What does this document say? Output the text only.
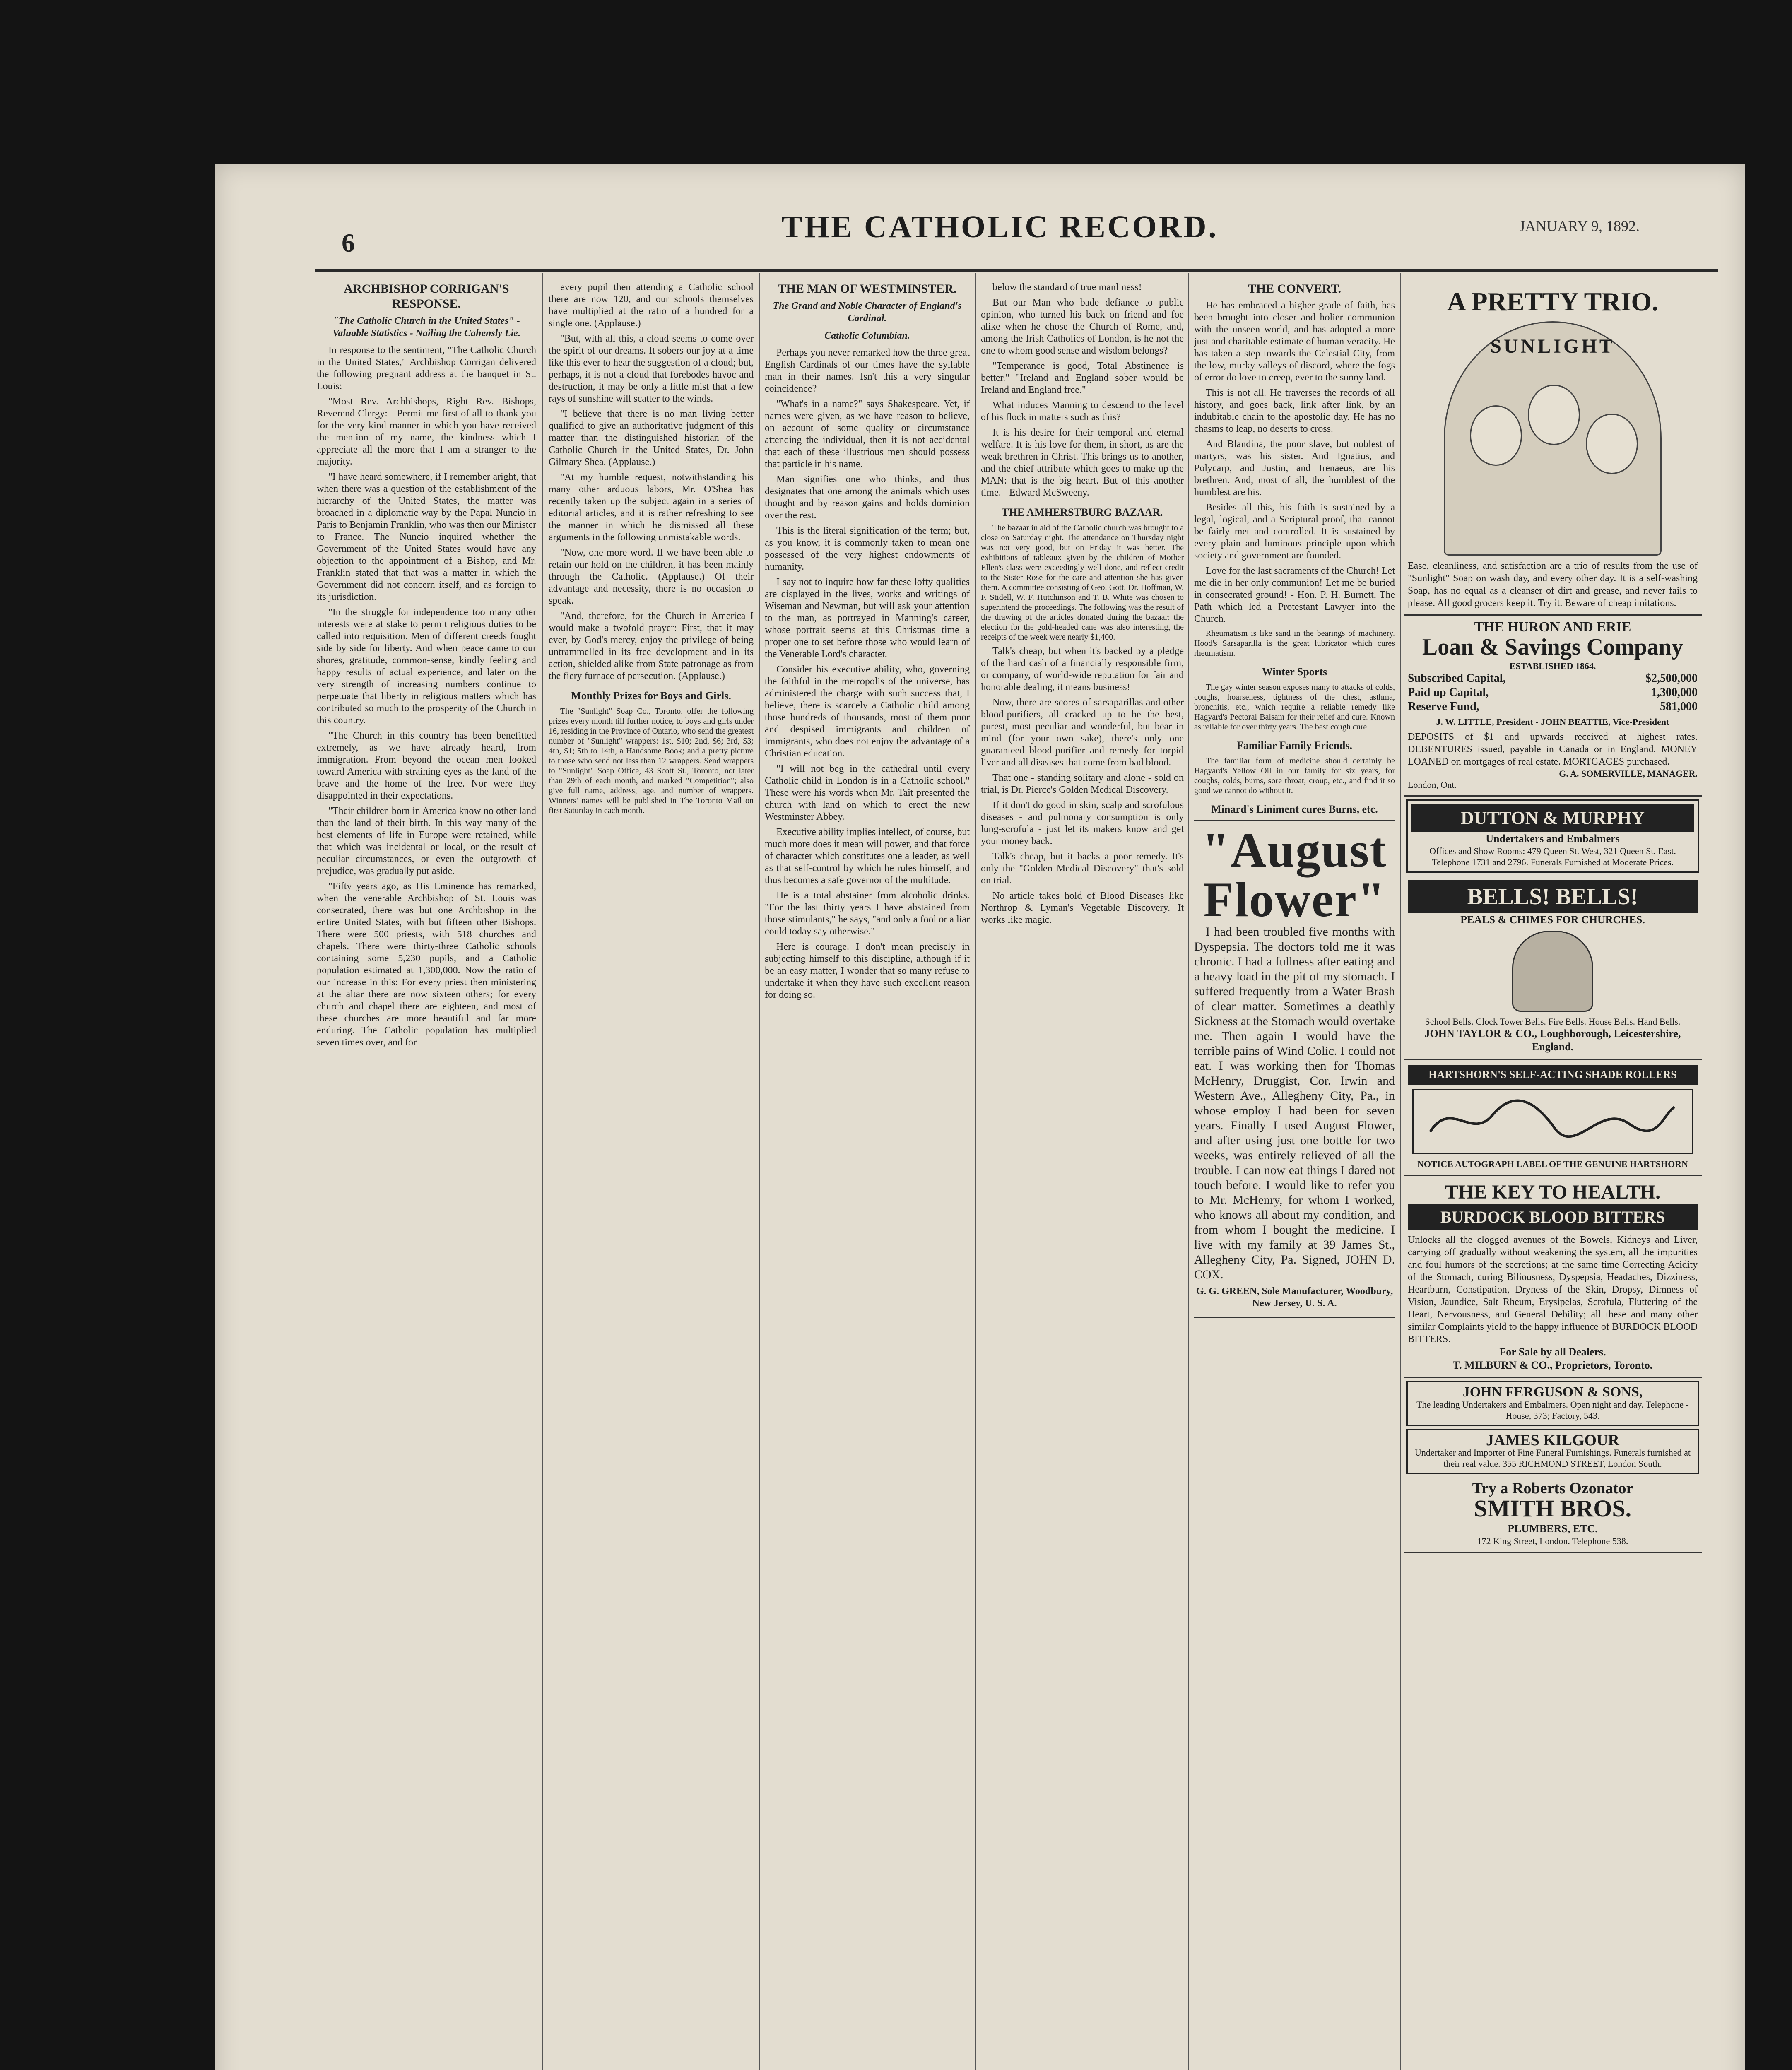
6	THE CATHOLIC RECORD.	JANUARY 9, 1892.
ARCHBISHOP CORRIGAN'S RESPONSE.
"The Catholic Church in the United States" - Valuable Statistics - Nailing the Cahensly Lie.

In response to the sentiment, "The Catholic Church in the United States," Archbishop Corrigan delivered the following pregnant address at the banquet in St. Louis:

"Most Rev. Archbishops, Right Rev. Bishops, Reverend Clergy: - Permit me first of all to thank you for the very kind manner in which you have received the mention of my name, the kindness which I appreciate all the more that I am a stranger to the majority.

"I have heard somewhere, if I remember aright, that when there was a question of the establishment of the hierarchy of the United States, the matter was broached in a diplomatic way by the Papal Nuncio in Paris to Benjamin Franklin, who was then our Minister to France. The Nuncio inquired whether the Government of the United States would have any objection to the appointment of a Bishop, and Mr. Franklin stated that that was a matter in which the Government did not concern itself, and as foreign to its jurisdiction.

"In the struggle for independence too many other interests were at stake to permit religious duties to be called into requisition. Men of different creeds fought side by side for liberty. And when peace came to our shores, gratitude, common-sense, kindly feeling and happy results of actual experience, and later on the very strength of increasing numbers continue to perpetuate that liberty in religious matters which has contributed so much to the prosperity of the Church in this country.

"The Church in this country has been benefitted extremely, as we have already heard, from immigration. From beyond the ocean men looked toward America with straining eyes as the land of the brave and the home of the free. Nor were they disappointed in their expectations.

"Their children born in America know no other land than the land of their birth. In this way many of the best elements of life in Europe were retained, while that which was incidental or local, or the result of peculiar circumstances, or even the outgrowth of prejudice, was gradually put aside.

"Fifty years ago, as His Eminence has remarked, when the venerable Archbishop of St. Louis was consecrated, there was but one Archbishop in the entire United States, with but fifteen other Bishops. There were 500 priests, with 518 churches and chapels. There were thirty-three Catholic schools containing some 5,230 pupils, and a Catholic population estimated at 1,300,000. Now the ratio of our increase in this: For every priest then ministering at the altar there are now sixteen others; for every church and chapel there are eighteen, and most of these churches are more beautiful and far more enduring. The Catholic population has multiplied seven times over, and for

every pupil then attending a Catholic school there are now 120, and our schools themselves have multiplied at the ratio of a hundred for a single one. (Applause.)

"But, with all this, a cloud seems to come over the spirit of our dreams. It sobers our joy at a time like this ever to hear the suggestion of a cloud; but, perhaps, it is not a cloud that forebodes havoc and destruction, it may be only a little mist that a few rays of sunshine will scatter to the winds.

"I believe that there is no man living better qualified to give an authoritative judgment of this matter than the distinguished historian of the Catholic Church in the United States, Dr. John Gilmary Shea. (Applause.)

"At my humble request, notwithstanding his many other arduous labors, Mr. O'Shea has recently taken up the subject again in a series of editorial articles, and it is rather refreshing to see the manner in which he dismissed all these arguments in the following unmistakable words.

"Now, one more word. If we have been able to retain our hold on the children, it has been mainly through the Catholic. (Applause.) Of their advantage and necessity, there is no occasion to speak.

"And, therefore, for the Church in America I would make a twofold prayer: First, that it may ever, by God's mercy, enjoy the privilege of being untrammelled in its free development and in its action, shielded alike from State patronage as from the fiery furnace of persecution. (Applause.)

Monthly Prizes for Boys and Girls.

The "Sunlight" Soap Co., Toronto, offer the following prizes every month till further notice, to boys and girls under 16, residing in the Province of Ontario, who send the greatest number of "Sunlight" wrappers: 1st, $10; 2nd, $6; 3rd, $3; 4th, $1; 5th to 14th, a Handsome Book; and a pretty picture to those who send not less than 12 wrappers. Send wrappers to "Sunlight" Soap Office, 43 Scott St., Toronto, not later than 29th of each month, and marked "Competition"; also give full name, address, age, and number of wrappers. Winners' names will be published in The Toronto Mail on first Saturday in each month.

THE MAN OF WESTMINSTER.
The Grand and Noble Character of England's Cardinal.
Catholic Columbian.

Perhaps you never remarked how the three great English Cardinals of our times have the syllable man in their names. Isn't this a very singular coincidence?

"What's in a name?" says Shakespeare. Yet, if names were given, as we have reason to believe, on account of some quality or circumstance attending the individual, then it is not accidental that each of these illustrious men should possess that particle in his name.

Man signifies one who thinks, and thus designates that one among the animals which uses thought and by reason gains and holds dominion over the rest.

This is the literal signification of the term; but, as you know, it is commonly taken to mean one possessed of the very highest endowments of humanity.

I say not to inquire how far these lofty qualities are displayed in the lives, works and writings of Wiseman and Newman, but will ask your attention to the man, as portrayed in Manning's career, whose portrait seems at this Christmas time a proper one to set before those who would learn of the Venerable Lord's character.

Consider his executive ability, who, governing the faithful in the metropolis of the universe, has administered the charge with such success that, I believe, there is scarcely a Catholic child among those hundreds of thousands, most of them poor and despised immigrants and children of immigrants, who does not enjoy the advantage of a Christian education.

"I will not beg in the cathedral until every Catholic child in London is in a Catholic school." These were his words when Mr. Tait presented the church with land on which to erect the new Westminster Abbey.

Executive ability implies intellect, of course, but much more does it mean will power, and that force of character which constitutes one a leader, as well as that self-control by which he rules himself, and thus becomes a safe governor of the multitude.

He is a total abstainer from alcoholic drinks. "For the last thirty years I have abstained from those stimulants," he says, "and only a fool or a liar could today say otherwise."

Here is courage. I don't mean precisely in subjecting himself to this discipline, although if it be an easy matter, I wonder that so many refuse to undertake it when they have such excellent reason for doing so.

below the standard of true manliness!

But our Man who bade defiance to public opinion, who turned his back on friend and foe alike when he chose the Church of Rome, and, among the Irish Catholics of London, is he not the one to whom good sense and wisdom belongs?

"Temperance is good, Total Abstinence is better." "Ireland and England sober would be Ireland and England free."

What induces Manning to descend to the level of his flock in matters such as this?

It is his desire for their temporal and eternal welfare. It is his love for them, in short, as are the weak brethren in Christ. This brings us to another, and the chief attribute which goes to make up the MAN: that is the big heart. But of this another time. - Edward McSweeny.

THE AMHERSTBURG BAZAAR.

The bazaar in aid of the Catholic church was brought to a close on Saturday night. The attendance on Thursday night was not very good, but on Friday it was better. The exhibitions of tableaux given by the children of Mother Ellen's class were exceedingly well done, and reflect credit to the Sister Rose for the care and attention she has given them. A committee consisting of Geo. Gott, Dr. Hoffman, W. F. Stidell, W. F. Hutchinson and T. B. White was chosen to superintend the proceedings. The following was the result of the drawing of the articles donated during the bazaar: the election for the gold-headed cane was also interesting, the receipts of the week were nearly $1,400.

Talk's cheap, but when it's backed by a pledge of the hard cash of a financially responsible firm, or company, of world-wide reputation for fair and honorable dealing, it means business!

Now, there are scores of sarsaparillas and other blood-purifiers, all cracked up to be the best, purest, most peculiar and wonderful, but bear in mind (for your own sake), there's only one guaranteed blood-purifier and remedy for torpid liver and all diseases that come from bad blood.

That one - standing solitary and alone - sold on trial, is Dr. Pierce's Golden Medical Discovery.

If it don't do good in skin, scalp and scrofulous diseases - and pulmonary consumption is only lung-scrofula - just let its makers know and get your money back.

Talk's cheap, but it backs a poor remedy. It's only the "Golden Medical Discovery" that's sold on trial.

No article takes hold of Blood Diseases like Northrop & Lyman's Vegetable Discovery. It works like magic.

THE CONVERT.

He has embraced a higher grade of faith, has been brought into closer and holier communion with the unseen world, and has adopted a more just and charitable estimate of human veracity. He has taken a step towards the Celestial City, from the low, murky valleys of discord, where the fogs of error do love to creep, ever to the sunny land.

This is not all. He traverses the records of all history, and goes back, link after link, by an indubitable chain to the apostolic day. He has no chasms to leap, no deserts to cross.

And Blandina, the poor slave, but noblest of martyrs, was his sister. And Ignatius, and Polycarp, and Justin, and Irenaeus, are his brethren. And, most of all, the humblest of the humblest are his.

Besides all this, his faith is sustained by a legal, logical, and a Scriptural proof, that cannot be fairly met and controlled. It is sustained by every plain and luminous principle upon which society and government are founded.

Love for the last sacraments of the Church! Let me die in her only communion! Let me be buried in consecrated ground! - Hon. P. H. Burnett, The Path which led a Protestant Lawyer into the Church.

Rheumatism is like sand in the bearings of machinery. Hood's Sarsaparilla is the great lubricator which cures rheumatism.

Winter Sports

The gay winter season exposes many to attacks of colds, coughs, hoarseness, tightness of the chest, asthma, bronchitis, etc., which require a reliable remedy like Hagyard's Pectoral Balsam for their relief and cure. Known as reliable for over thirty years. The best cough cure.

Familiar Family Friends.

The familiar form of medicine should certainly be Hagyard's Yellow Oil in our family for six years, for coughs, colds, burns, sore throat, croup, etc., and find it so good we cannot do without it.

Minard's Liniment cures Burns, etc.
"August
Flower"

I had been troubled five months with Dyspepsia. The doctors told me it was chronic. I had a fullness after eating and a heavy load in the pit of my stomach. I suffered frequently from a Water Brash of clear matter. Sometimes a deathly Sickness at the Stomach would overtake me. Then again I would have the terrible pains of Wind Colic. I could not eat. I was working then for Thomas McHenry, Druggist, Cor. Irwin and Western Ave., Allegheny City, Pa., in whose employ I had been for seven years. Finally I used August Flower, and after using just one bottle for two weeks, was entirely relieved of all the trouble. I can now eat things I dared not touch before. I would like to refer you to Mr. McHenry, for whom I worked, who knows all about my condition, and from whom I bought the medicine. I live with my family at 39 James St., Allegheny City, Pa. Signed, JOHN D. COX.

G. G. GREEN, Sole Manufacturer, Woodbury, New Jersey, U. S. A.

A PRETTY TRIO.
SUNLIGHT
Ease, cleanliness, and satisfaction are a trio of results from the use of "Sunlight" Soap on wash day, and every other day. It is a self-washing Soap, has no equal as a cleanser of dirt and grease, and never fails to please. All good grocers keep it. Try it. Beware of cheap imitations.
THE HURON AND ERIE
Loan & Savings Company
ESTABLISHED 1864.
Subscribed Capital,	$2,500,000
Paid up Capital,	1,300,000
Reserve Fund,	581,000
J. W. LITTLE, President - JOHN BEATTIE, Vice-President
DEPOSITS of $1 and upwards received at highest rates. DEBENTURES issued, payable in Canada or in England. MONEY LOANED on mortgages of real estate. MORTGAGES purchased.
G. A. SOMERVILLE, MANAGER.
London, Ont.
DUTTON & MURPHY
Undertakers and Embalmers
Offices and Show Rooms: 479 Queen St. West, 321 Queen St. East. Telephone 1731 and 2796. Funerals Furnished at Moderate Prices.
BELLS! BELLS!
PEALS & CHIMES FOR CHURCHES.
School Bells. Clock Tower Bells. Fire Bells. House Bells. Hand Bells.
JOHN TAYLOR & CO., Loughborough, Leicestershire, England.
HARTSHORN'S SELF-ACTING SHADE ROLLERS
NOTICE AUTOGRAPH LABEL OF THE GENUINE HARTSHORN
THE KEY TO HEALTH.
BURDOCK BLOOD BITTERS
Unlocks all the clogged avenues of the Bowels, Kidneys and Liver, carrying off gradually without weakening the system, all the impurities and foul humors of the secretions; at the same time Correcting Acidity of the Stomach, curing Biliousness, Dyspepsia, Headaches, Dizziness, Heartburn, Constipation, Dryness of the Skin, Dropsy, Dimness of Vision, Jaundice, Salt Rheum, Erysipelas, Scrofula, Fluttering of the Heart, Nervousness, and General Debility; all these and many other similar Complaints yield to the happy influence of BURDOCK BLOOD BITTERS.
For Sale by all Dealers.
T. MILBURN & CO., Proprietors, Toronto.
JOHN FERGUSON & SONS,
The leading Undertakers and Embalmers. Open night and day. Telephone - House, 373; Factory, 543.
JAMES KILGOUR
Undertaker and Importer of Fine Funeral Furnishings. Funerals furnished at their real value. 355 RICHMOND STREET, London South.
Try a Roberts Ozonator
SMITH BROS.
PLUMBERS, ETC.
172 King Street, London. Telephone 538.
